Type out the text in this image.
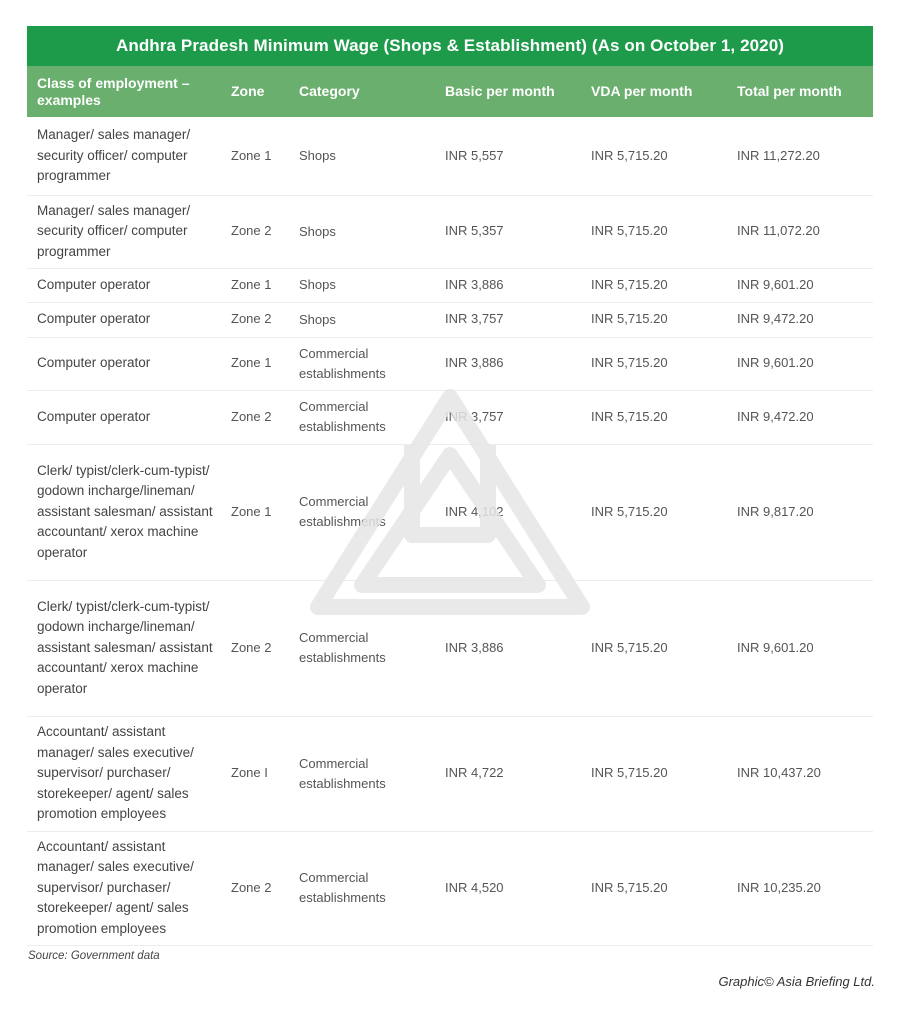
Andhra Pradesh Minimum Wage (Shops & Establishment) (As on October 1, 2020)
Class of employment – examples	Zone	Category	Basic per month	VDA per month	Total per month
Manager/ sales manager/ security officer/ computer programmer	Zone 1	Shops	INR 5,557	INR 5,715.20	INR 11,272.20
Manager/ sales manager/ security officer/ computer programmer	Zone 2	Shops	INR 5,357	INR 5,715.20	INR 11,072.20
Computer operator	Zone 1	Shops	INR 3,886	INR 5,715.20	INR 9,601.20
Computer operator	Zone 2	Shops	INR 3,757	INR 5,715.20	INR 9,472.20
Computer operator	Zone 1	Commercial establishments	INR 3,886	INR 5,715.20	INR 9,601.20
Computer operator	Zone 2	Commercial establishments	INR 3,757	INR 5,715.20	INR 9,472.20
Clerk/ typist/clerk-cum-typist/ godown incharge/lineman/ assistant salesman/ assistant accountant/ xerox machine operator	Zone 1	Commercial establishments	INR 4,102	INR 5,715.20	INR 9,817.20
Clerk/ typist/clerk-cum-typist/ godown incharge/lineman/ assistant salesman/ assistant accountant/ xerox machine operator	Zone 2	Commercial establishments	INR 3,886	INR 5,715.20	INR 9,601.20
Accountant/ assistant manager/ sales executive/ supervisor/ purchaser/ storekeeper/ agent/ sales promotion employees	Zone I	Commercial establishments	INR 4,722	INR 5,715.20	INR 10,437.20
Accountant/ assistant manager/ sales executive/ supervisor/ purchaser/ storekeeper/ agent/ sales promotion employees	Zone 2	Commercial establishments	INR 4,520	INR 5,715.20	INR 10,235.20
Source: Government data
Graphic© Asia Briefing Ltd.
